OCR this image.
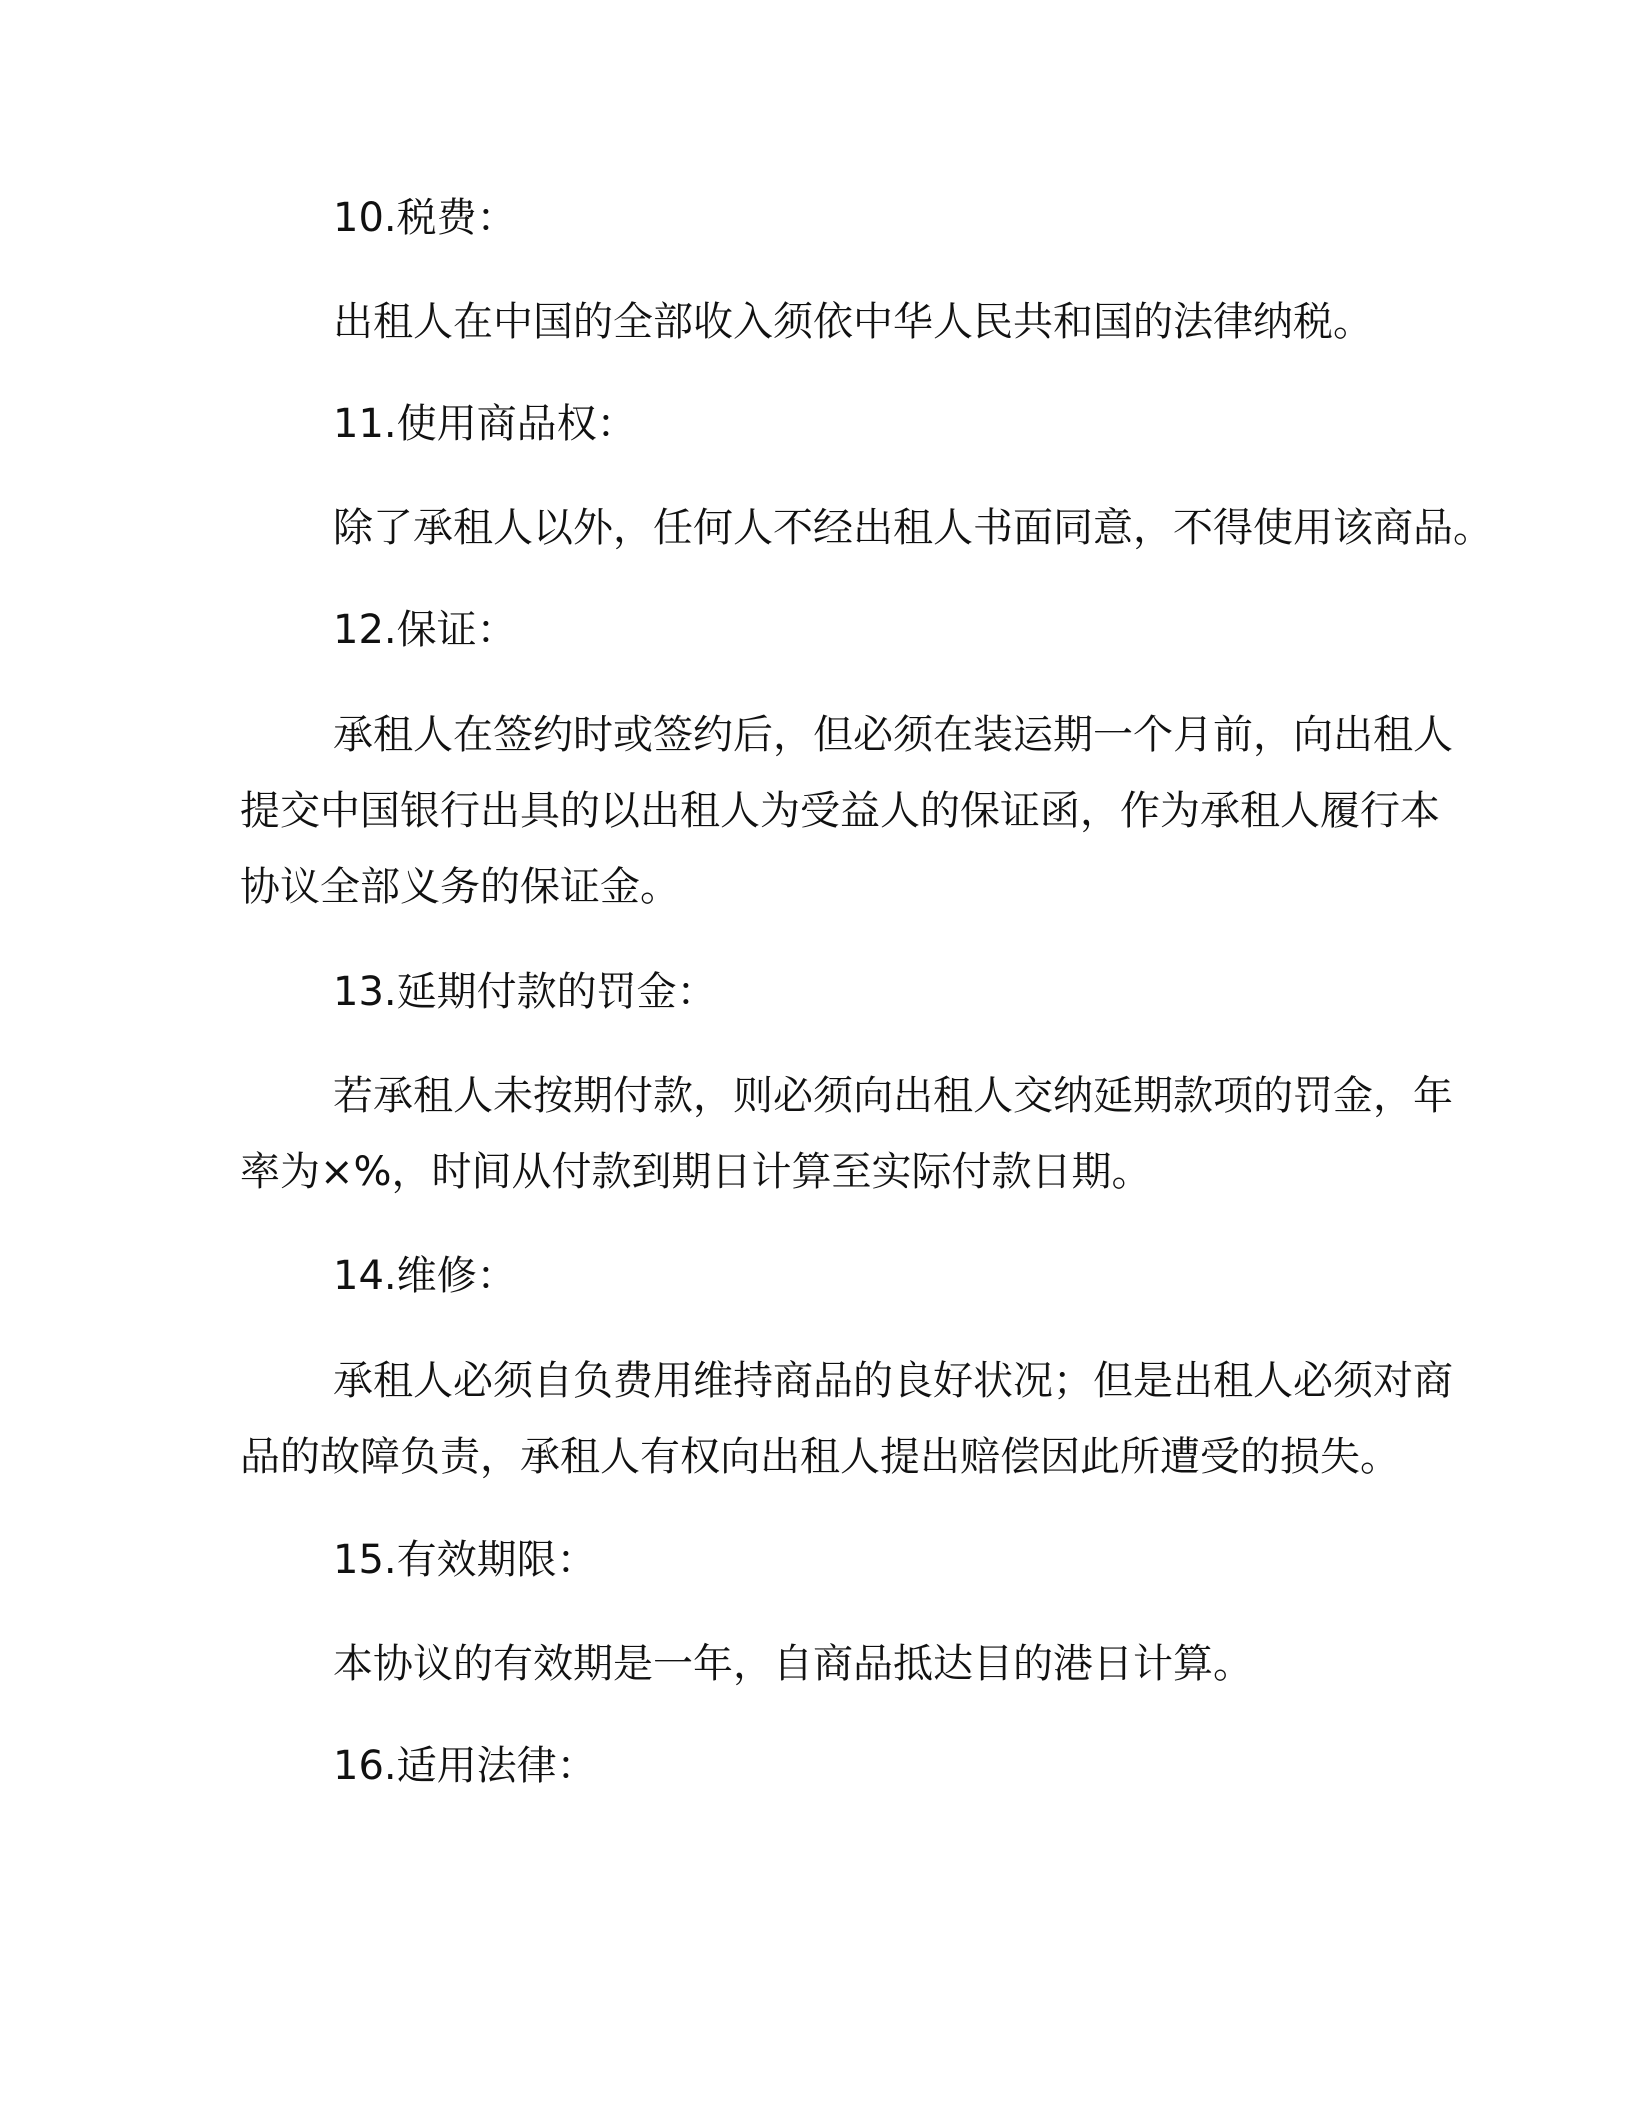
10.税费：
出租人在中国的全部收入须依中华人民共和国的法律纳税。
11.使用商品权：
除了承租人以外，任何人不经出租人书面同意，不得使用该商品。
12.保证：
承租人在签约时或签约后，但必须在装运期一个月前，向出租人
提交中国银行出具的以出租人为受益人的保证函，作为承租人履行本
协议全部义务的保证金。
13.延期付款的罚金：
若承租人未按期付款，则必须向出租人交纳延期款项的罚金，年
率为×%，时间从付款到期日计算至实际付款日期。
14.维修：
承租人必须自负费用维持商品的良好状况；但是出租人必须对商
品的故障负责，承租人有权向出租人提出赔偿因此所遭受的损失。
15.有效期限：
本协议的有效期是一年，自商品抵达目的港日计算。
16.适用法律：
